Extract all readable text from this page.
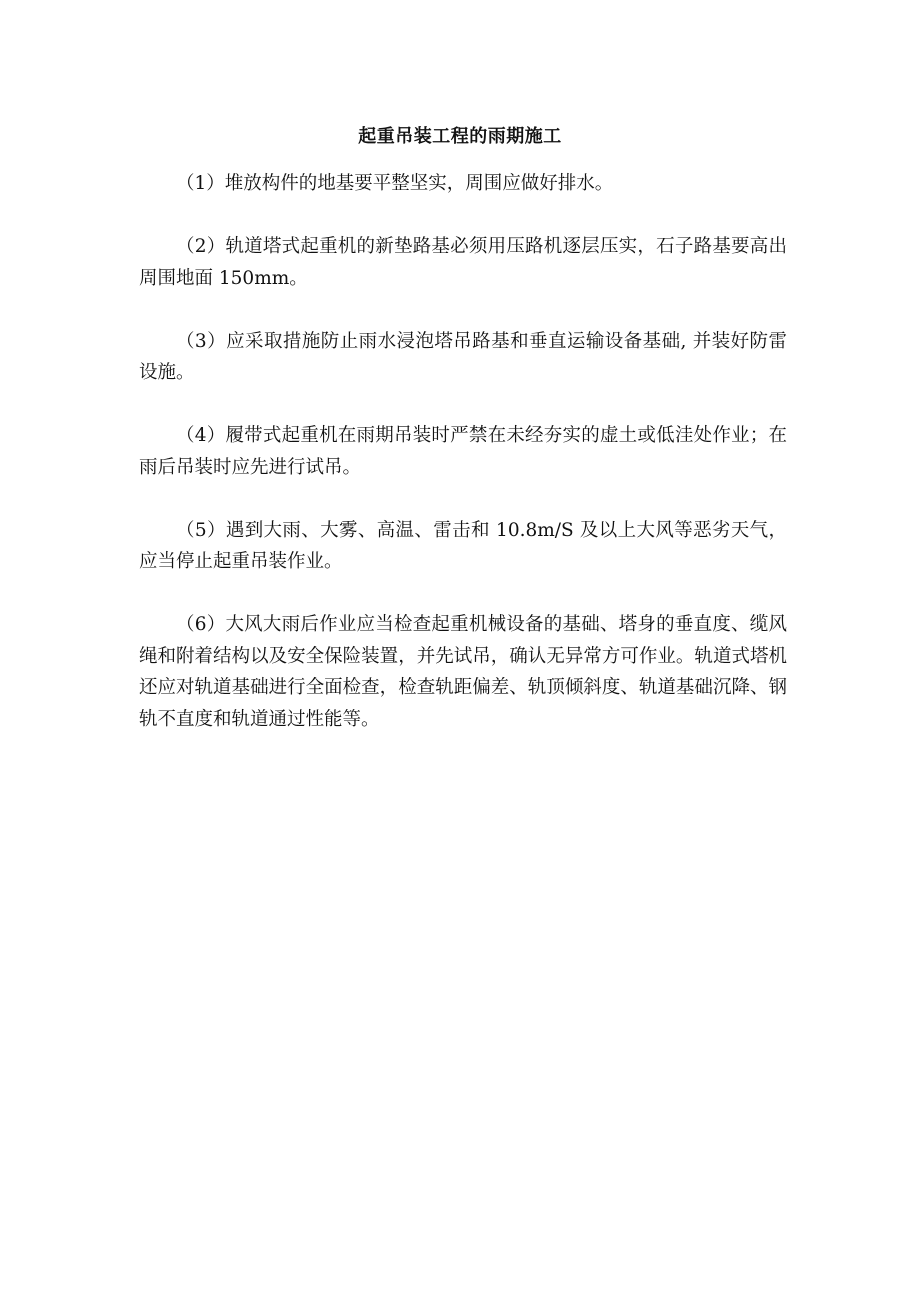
起重吊装工程的雨期施工

（1）堆放构件的地基要平整坚实，周围应做好排水。

（2）轨道塔式起重机的新垫路基必须用压路机逐层压实，石子路基要高出周围地面 150mm。

（3）应采取措施防止雨水浸泡塔吊路基和垂直运输设备基础, 并装好防雷设施。

（4）履带式起重机在雨期吊装时严禁在未经夯实的虚土或低洼处作业；在雨后吊装时应先进行试吊。

（5）遇到大雨、大雾、高温、雷击和 10.8m/S 及以上大风等恶劣天气，应当停止起重吊装作业。

（6）大风大雨后作业应当检查起重机械设备的基础、塔身的垂直度、缆风绳和附着结构以及安全保险装置，并先试吊，确认无异常方可作业。轨道式塔机还应对轨道基础进行全面检查，检查轨距偏差、轨顶倾斜度、轨道基础沉降、钢轨不直度和轨道通过性能等。
